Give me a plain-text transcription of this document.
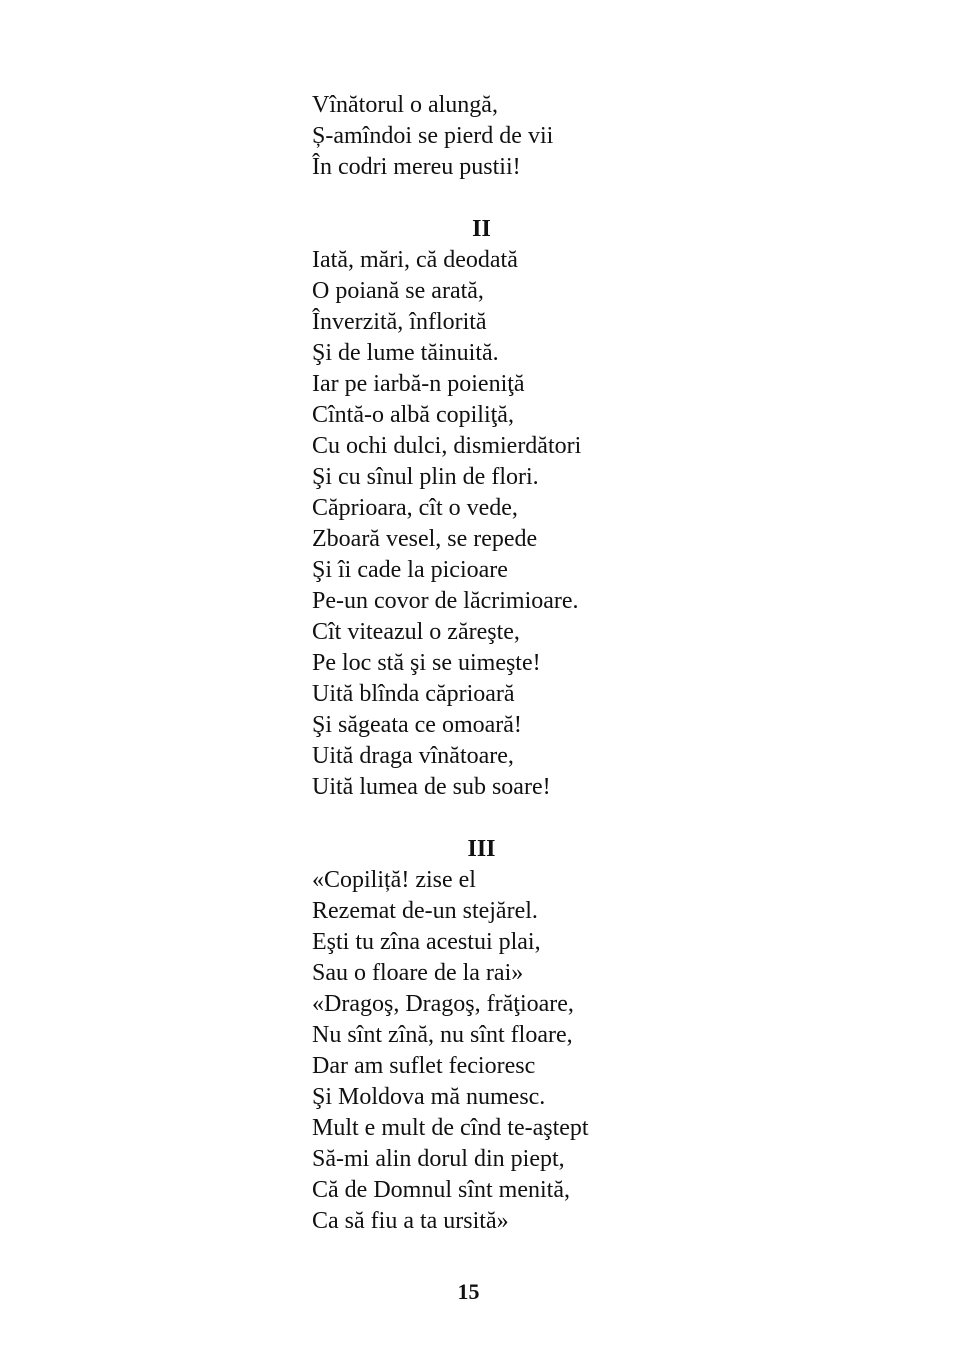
Vînătorul o alungă,
Ș-amîndoi se pierd de vii
În codri mereu pustii!
II
Iată, mări, că deodată
O poiană se arată,
Înverzită, înflorită
Şi de lume tăinuită.
Iar pe iarbă-n poieniţă
Cîntă-o albă copiliţă,
Cu ochi dulci, dismierdători
Şi cu sînul plin de flori.
Căprioara, cît o vede,
Zboară vesel, se repede
Şi îi cade la picioare
Pe-un covor de lăcrimioare.
Cît viteazul o zăreşte,
Pe loc stă şi se uimeşte!
Uită blînda căprioară
Şi săgeata ce omoară!
Uită draga vînătoare,
Uită lumea de sub soare!
III
«Copiliță! zise el
Rezemat de-un stejărel.
Eşti tu zîna acestui plai,
Sau o floare de la rai»
«Dragoş, Dragoş, frăţioare,
Nu sînt zînă, nu sînt floare,
Dar am suflet fecioresc
Şi Moldova mă numesc.
Mult e mult de cînd te-aştept
Să-mi alin dorul din piept,
Că de Domnul sînt menită,
Ca să fiu a ta ursită»
15
